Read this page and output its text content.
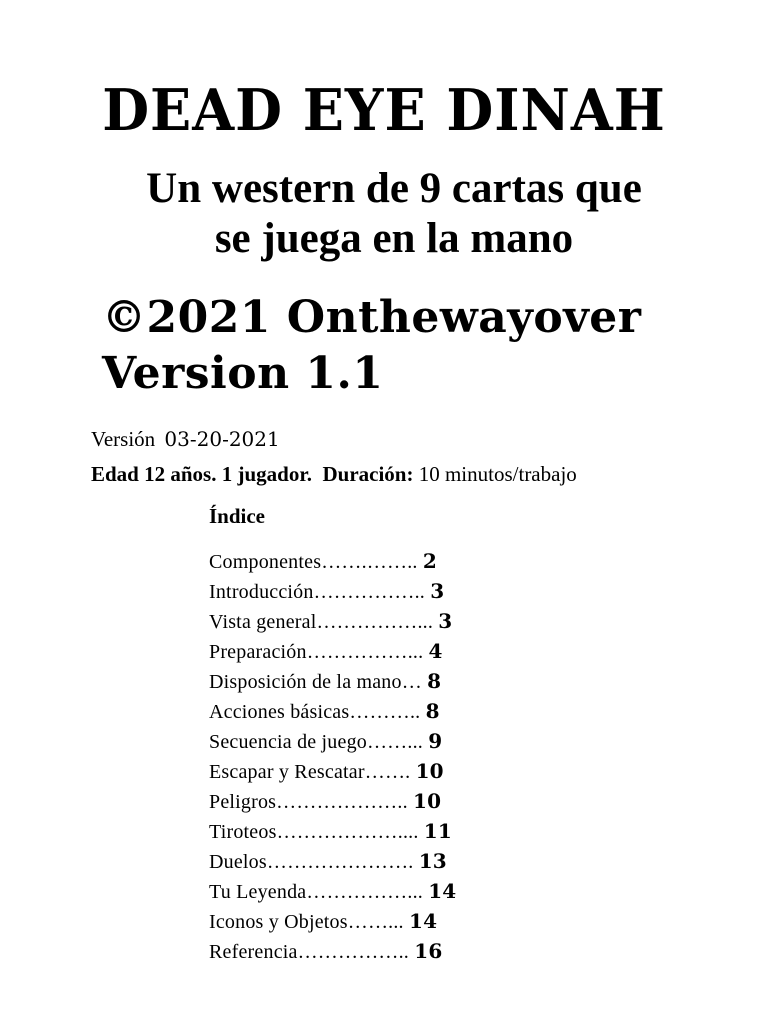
DEAD EYE DINAH
Un western de 9 cartas que
se juega en la mano
©2021 Onthewayover
Version 1.1
Versión 03-20-2021
Edad 12 años. 1 jugador. Duración: 10 minutos/trabajo
Índice
Componentes…….…….. 2
Introducción…………….. 3
Vista general……………... 3
Preparación……………... 4
Disposición de la mano… 8
Acciones básicas……….. 8
Secuencia de juego……... 9
Escapar y Rescatar……. 10
Peligros……………….. 10
Tiroteos……………….... 11
Duelos…………………. 13
Tu Leyenda……………... 14
Iconos y Objetos……... 14
Referencia…………….. 16
